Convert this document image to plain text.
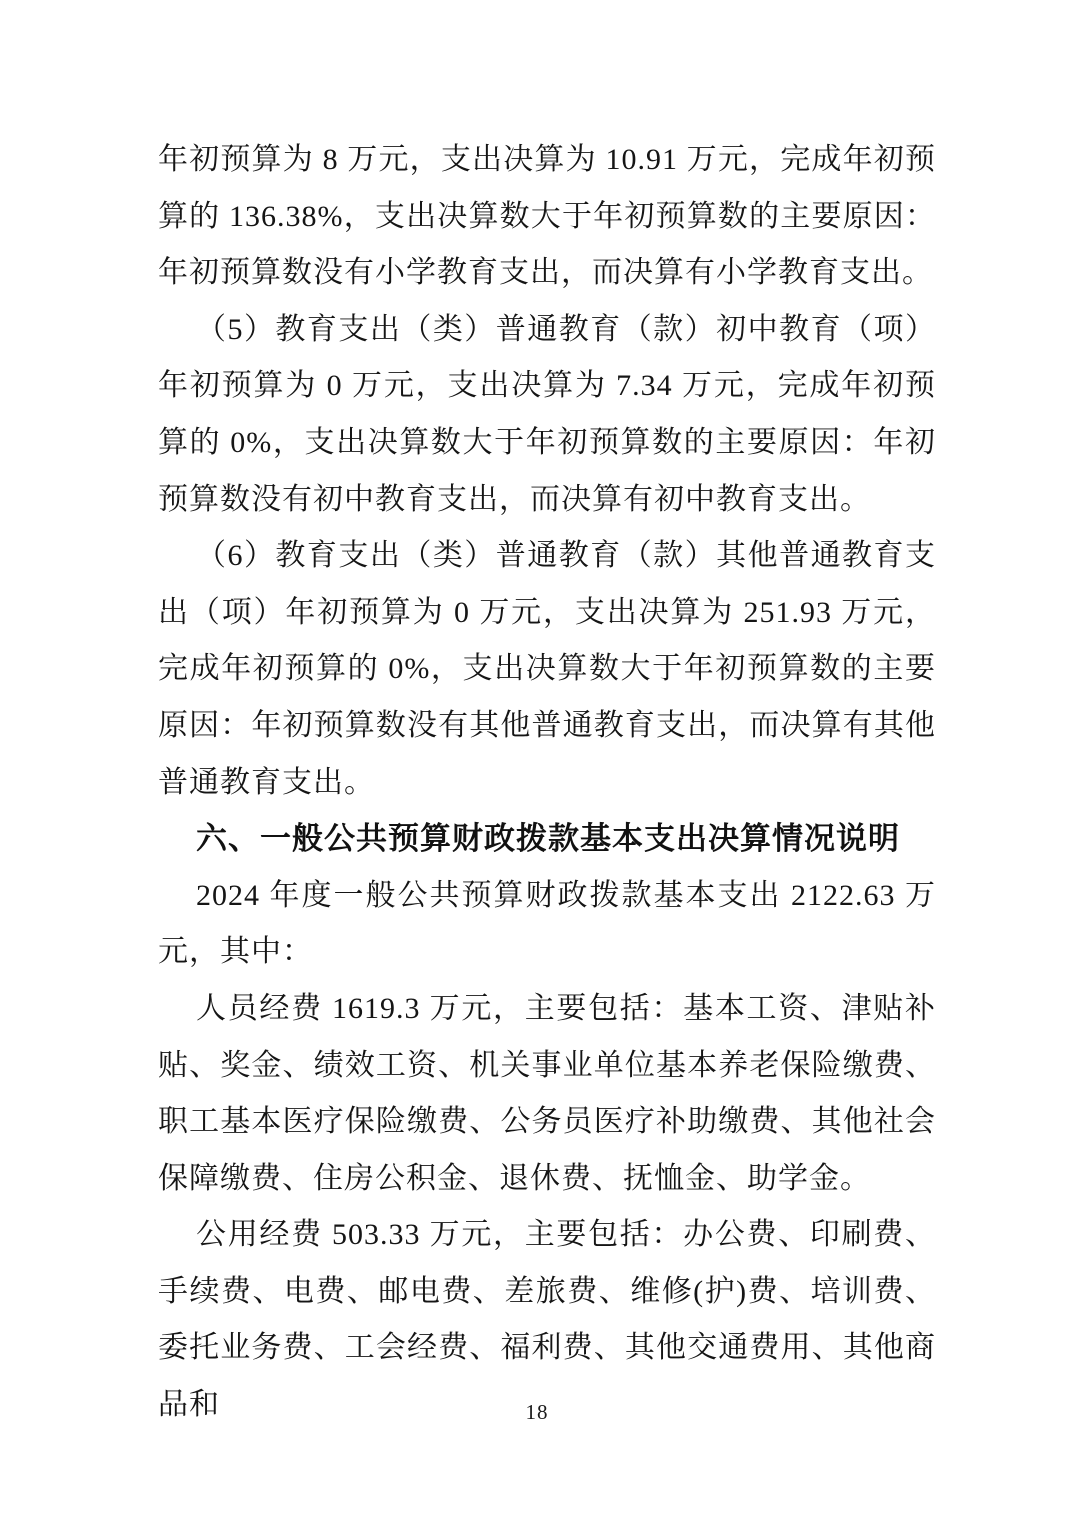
年初预算为 8 万元，支出决算为 10.91 万元，完成年初预算的 136.38%，支出决算数大于年初预算数的主要原因：年初预算数没有小学教育支出，而决算有小学教育支出。

（5）教育支出（类）普通教育（款）初中教育（项）年初预算为 0 万元，支出决算为 7.34 万元，完成年初预算的 0%，支出决算数大于年初预算数的主要原因：年初预算数没有初中教育支出，而决算有初中教育支出。

（6）教育支出（类）普通教育（款）其他普通教育支出（项）年初预算为 0 万元，支出决算为 251.93 万元，完成年初预算的 0%，支出决算数大于年初预算数的主要原因：年初预算数没有其他普通教育支出，而决算有其他普通教育支出。

六、一般公共预算财政拨款基本支出决算情况说明

2024 年度一般公共预算财政拨款基本支出 2122.63 万元，其中：

人员经费 1619.3 万元，主要包括：基本工资、津贴补贴、奖金、绩效工资、机关事业单位基本养老保险缴费、职工基本医疗保险缴费、公务员医疗补助缴费、其他社会保障缴费、住房公积金、退休费、抚恤金、助学金。

公用经费 503.33 万元，主要包括：办公费、印刷费、手续费、电费、邮电费、差旅费、维修(护)费、培训费、委托业务费、工会经费、福利费、其他交通费用、其他商品和	18
